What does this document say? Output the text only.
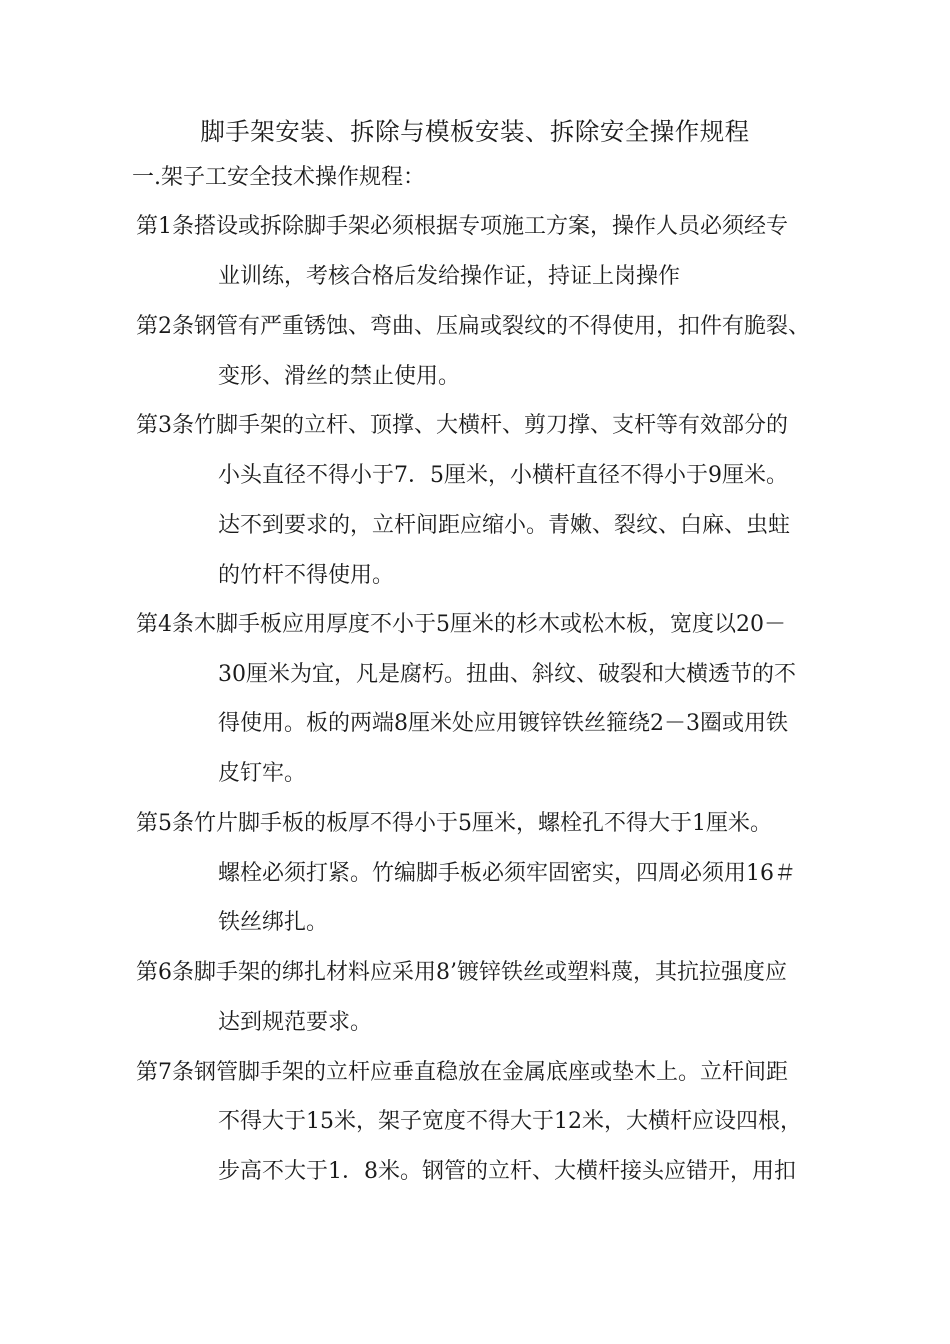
脚手架安装、拆除与模板安装、拆除安全操作规程
一.架子工安全技术操作规程：
第1条搭设或拆除脚手架必须根据专项施工方案，操作人员必须经专
业训练，考核合格后发给操作证，持证上岗操作
第2条钢管有严重锈蚀、弯曲、压扁或裂纹的不得使用，扣件有脆裂、
变形、滑丝的禁止使用。
第3条竹脚手架的立杆、顶撑、大横杆、剪刀撑、支杆等有效部分的
小头直径不得小于7．5厘米，小横杆直径不得小于9厘米。
达不到要求的，立杆间距应缩小。青嫩、裂纹、白麻、虫蛀
的竹杆不得使用。
第4条木脚手板应用厚度不小于5厘米的杉木或松木板，宽度以20－
30厘米为宜，凡是腐朽。扭曲、斜纹、破裂和大横透节的不
得使用。板的两端8厘米处应用镀锌铁丝箍绕2－3圈或用铁
皮钉牢。
第5条竹片脚手板的板厚不得小于5厘米，螺栓孔不得大于1厘米。
螺栓必须打紧。竹编脚手板必须牢固密实，四周必须用16＃
铁丝绑扎。
第6条脚手架的绑扎材料应采用8’镀锌铁丝或塑料蔑，其抗拉强度应
达到规范要求。
第7条钢管脚手架的立杆应垂直稳放在金属底座或垫木上。立杆间距
不得大于15米，架子宽度不得大于12米，大横杆应设四根，
步高不大于1．8米。钢管的立杆、大横杆接头应错开，用扣
